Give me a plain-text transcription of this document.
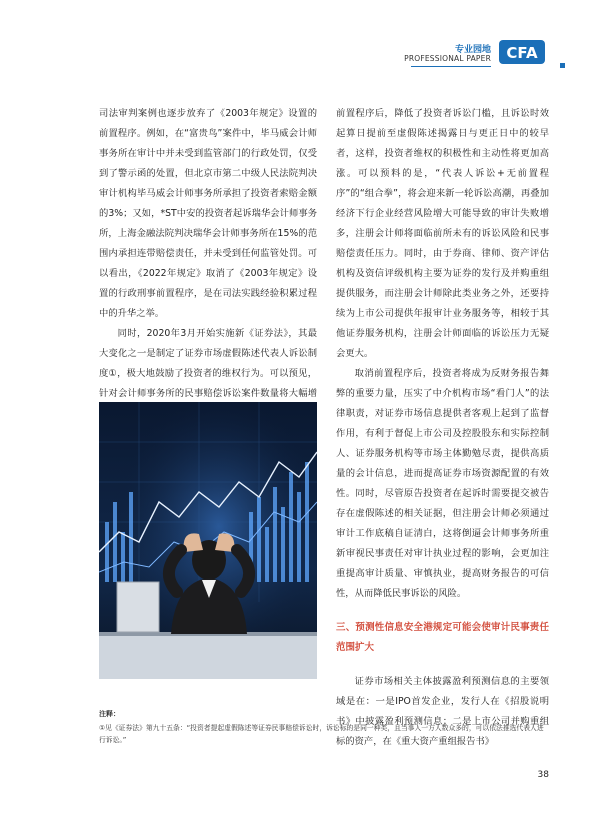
专业园地
PROFESSIONAL PAPER CFA

司法审判案例也逐步放弃了《2003年规定》设置的前置程序。例如，在“富贵鸟”案件中，毕马威会计师事务所在审计中并未受到监管部门的行政处罚，仅受到了警示函的处置，但北京市第二中级人民法院判决审计机构毕马威会计师事务所承担了投资者索赔金额的3%；又如，*ST中安的投资者起诉瑞华会计师事务所，上海金融法院判决瑞华会计师事务所在15%的范围内承担连带赔偿责任，并未受到任何监管处罚。可以看出，《2022年规定》取消了《2003年规定》设置的行政刑事前置程序，是在司法实践经验积累过程中的升华之举。

同时，2020年3月开始实施新《证券法》，其最大变化之一是制定了证券市场虚假陈述代表人诉讼制度①，极大地鼓励了投资者的维权行为。可以预见，针对会计师事务所的民事赔偿诉讼案件数量将大幅增

前置程序后，降低了投资者诉讼门槛，且诉讼时效起算日提前至虚假陈述揭露日与更正日中的较早者，这样，投资者维权的积极性和主动性将更加高涨。可以预料的是，“代表人诉讼+无前置程序”的“组合拳”，将会迎来新一轮诉讼高潮，再叠加经济下行企业经营风险增大可能导致的审计失败增多，注册会计师将面临前所未有的诉讼风险和民事赔偿责任压力。同时，由于券商、律师、资产评估机构及资信评级机构主要为证券的发行及并购重组提供服务，而注册会计师除此类业务之外，还要持续为上市公司提供年报审计业务服务等，相较于其他证券服务机构，注册会计师面临的诉讼压力无疑会更大。

取消前置程序后，投资者将成为反财务报告舞弊的重要力量，压实了中介机构市场“看门人”的法律职责，对证券市场信息提供者客观上起到了监督作用，有利于督促上市公司及控股股东和实际控制人、证券服务机构等市场主体勤勉尽责，提供高质量的会计信息，进而提高证券市场资源配置的有效性。同时，尽管原告投资者在起诉时需要提交被告存在虚假陈述的相关证据，但注册会计师必须通过审计工作底稿自证清白，这将倒逼会计师事务所重新审视民事责任对审计执业过程的影响，会更加注重提高审计质量、审慎执业，提高财务报告的可信性，从而降低民事诉讼的风险。

三、预测性信息安全港规定可能会使审计民事责任范围扩大

证券市场相关主体披露盈利预测信息的主要领域是在：一是IPO首发企业，发行人在《招股说明书》中披露盈利预测信息；二是上市公司并购重组标的资产，在《重大资产重组报告书》

注释：
①见《证券法》第九十五条：“投资者提起虚假陈述等证券民事赔偿诉讼时，诉讼标的是同一种类，且当事人一方人数众多的，可以依法推选代表人进行诉讼。”
38
